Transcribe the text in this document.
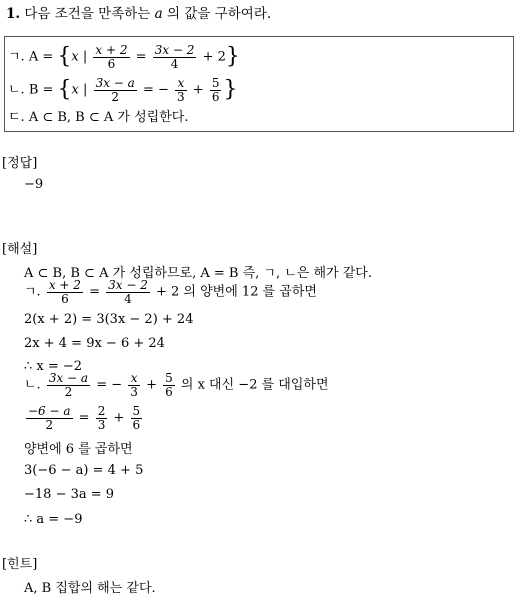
1. 다음 조건을 만족하는 a 의 값을 구하여라.
ㄱ. A = {x | $\frac{x + 2}{6} = \frac{3x - 2}{4} + 2$}
ㄴ. B = {x | $\frac{3x - a}{2}$ = − $\frac{x}{3} + \frac{5}{6}$ }
ㄷ. A ⊂ B, B ⊂ A 가 성립한다.
[정답]
−9
[해설]
A ⊂ B, B ⊂ A 가 성립하므로, A = B 즉, ㄱ, ㄴ은 해가 같다.
ㄱ. $\frac{x + 2}{6} = \frac{3x - 2}{4} + 2$ 의 양변에 12 를 곱하면
2(x + 2) = 3(3x − 2) + 24
2x + 4 = 9x − 6 + 24
∴ x = −2
ㄴ. $\frac{3x - a}{2}$ = − $\frac{x}{3} + \frac{5}{6}$ 의 x 대신 −2 를 대입하면
$\frac{-6 - a}{2} = \frac{2}{3} + \frac{5}{6}$
양변에 6 를 곱하면
3(−6 − a) = 4 + 5
−18 − 3a = 9
∴ a = −9
[힌트]
A, B 집합의 해는 같다.
